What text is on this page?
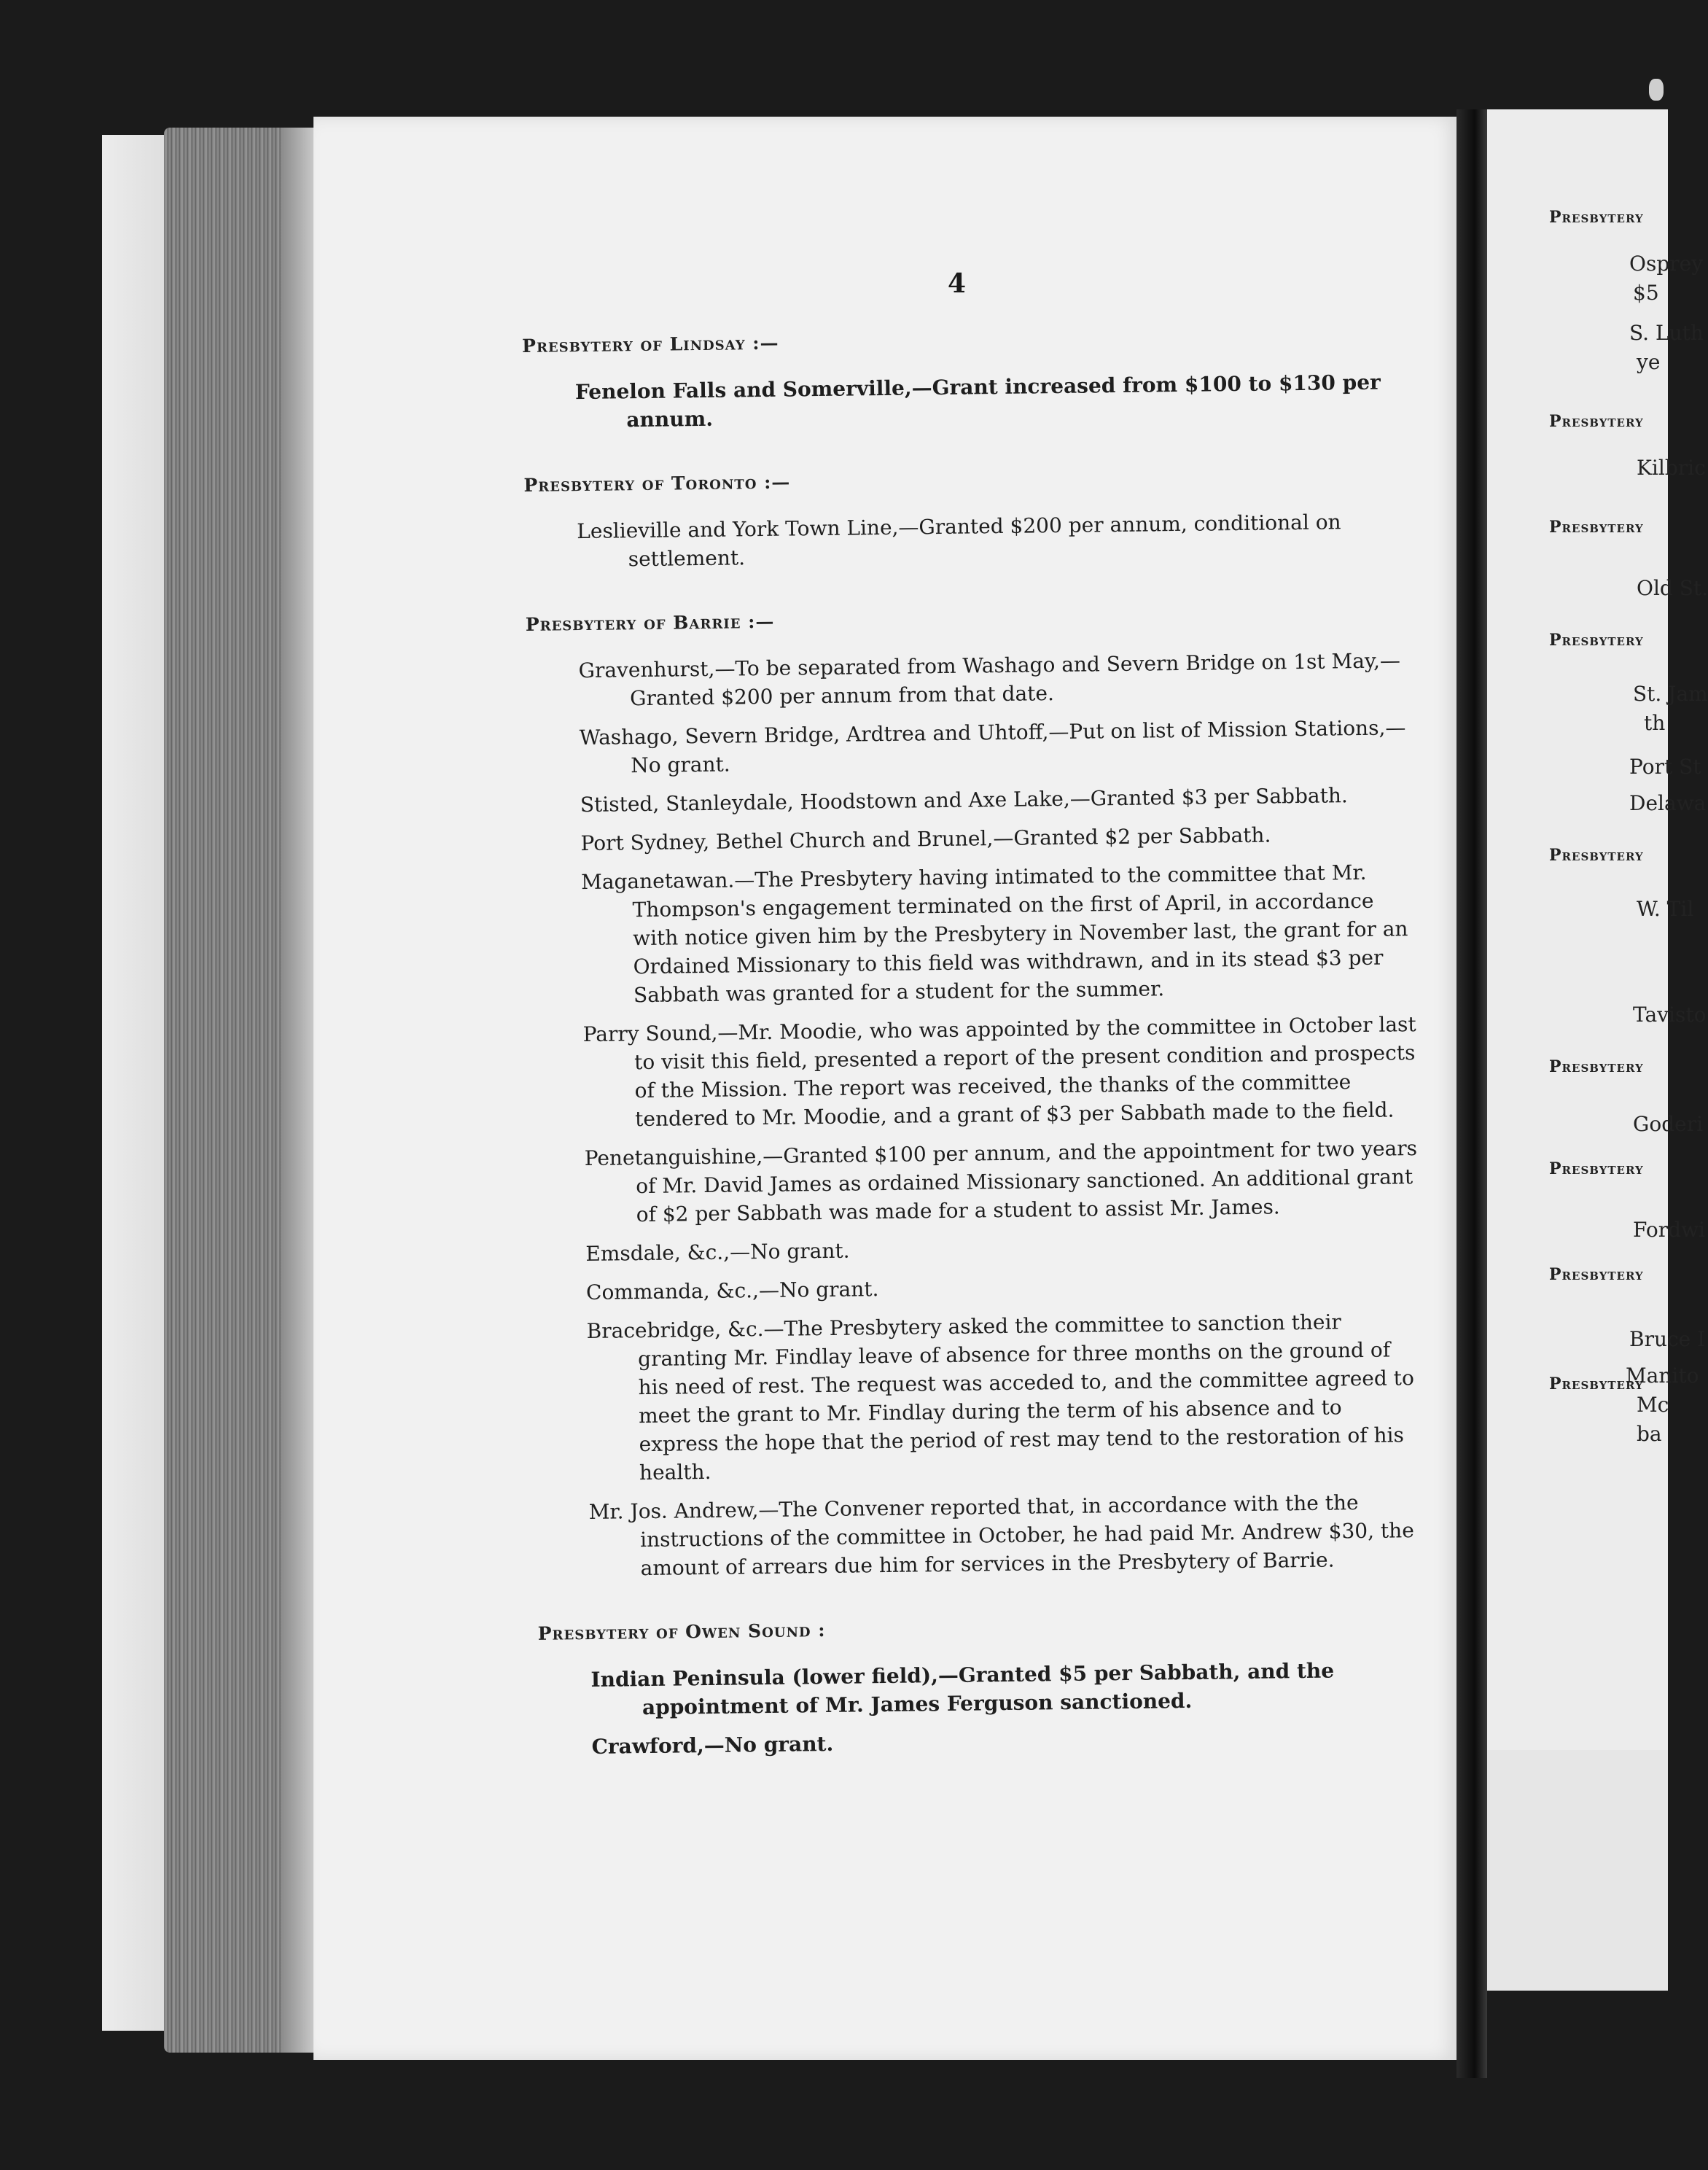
4
Presbytery of Lindsay :—
Fenelon Falls and Somerville,—Grant increased from $100 to $130 per annum.
Presbytery of Toronto :—
Leslieville and York Town Line,—Granted $200 per annum, conditional on settlement.
Presbytery of Barrie :—
Gravenhurst,—To be separated from Washago and Severn Bridge on 1st May,—Granted $200 per annum from that date.
Washago, Severn Bridge, Ardtrea and Uhtoff,—Put on list of Mission Stations,—No grant.
Stisted, Stanleydale, Hoodstown and Axe Lake,—Granted $3 per Sabbath.
Port Sydney, Bethel Church and Brunel,—Granted $2 per Sabbath.
Maganetawan.—The Presbytery having intimated to the committee that Mr. Thompson's engagement terminated on the first of April, in accordance with notice given him by the Presbytery in November last, the grant for an Ordained Missionary to this field was withdrawn, and in its stead $3 per Sabbath was granted for a student for the summer.
Parry Sound,—Mr. Moodie, who was appointed by the committee in October last to visit this field, presented a report of the present condition and prospects of the Mission. The report was received, the thanks of the committee tendered to Mr. Moodie, and a grant of $3 per Sabbath made to the field.
Penetanguishine,—Granted $100 per annum, and the appointment for two years of Mr. David James as ordained Missionary sanctioned. An additional grant of $2 per Sabbath was made for a student to assist Mr. James.
Emsdale, &c.,—No grant.
Commanda, &c.,—No grant.
Bracebridge, &c.—The Presbytery asked the committee to sanction their granting Mr. Findlay leave of absence for three months on the ground of his need of rest. The request was acceded to, and the committee agreed to meet the grant to Mr. Findlay during the term of his absence and to express the hope that the period of rest may tend to the restoration of his health.
Mr. Jos. Andrew,—The Convener reported that, in accordance with the the instructions of the committee in October, he had paid Mr. Andrew $30, the amount of arrears due him for services in the Presbytery of Barrie.
Presbytery of Owen Sound :
Indian Peninsula (lower field),—Granted $5 per Sabbath, and the appointment of Mr. James Ferguson sanctioned.
Crawford,—No grant.
Presbytery
Presbytery
Presbytery
Presbytery
Presbytery
Presbytery
Presbytery
Presbytery
Presbytery
Osprey
$5
S. Luth
ye
Kilbric
Old St.
St. Jam
th
Port St
Delawa
W. Til
Tavisto
Goderi
Fordwi
Bruce I
Manito
Mc
ba
